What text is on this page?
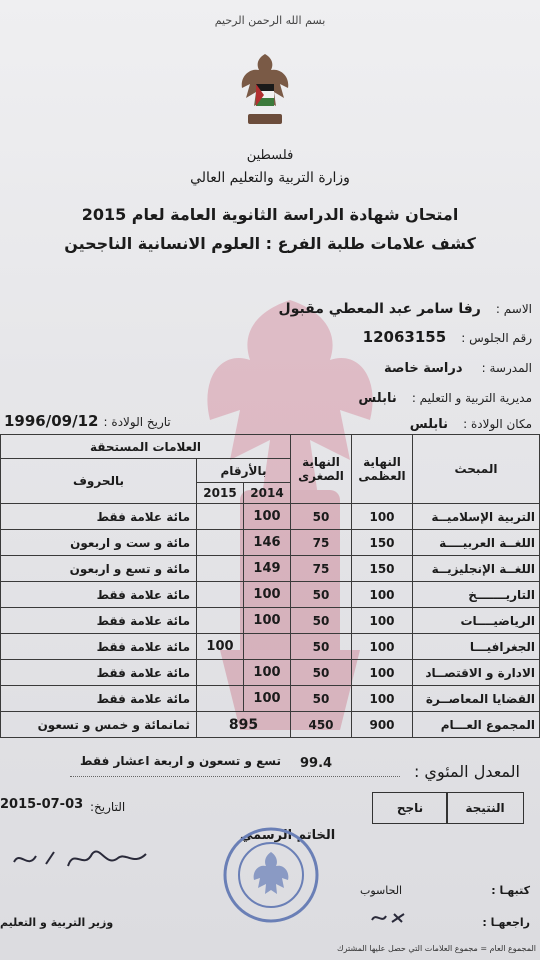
بسم الله الرحمن الرحيم
فلسطين
وزارة التربية والتعليم العالي
امتحان شهادة الدراسة الثانوية العامة لعام 2015
كشف علامات طلبة الفرع : العلوم الانسانية الناجحين
الاسم : رفا سامر عبد المعطي مقبول
رقم الجلوس : 12063155
المدرسة : دراسة خاصة
مديرية التربية و التعليم : نابلس
مكان الولادة : نابلس
تاريخ الولادة : 1996/09/12
المبحث	النهاية العظمى	النهاية الصغرى	العلامات المستحقة		
			بالأرقام		بالحروف
			2014	2015	
التربية الإسلاميــة	100	50	100		مائة علامة فقط
اللغــة العربيــــة	150	75	146		مائة و ست و اربعون
اللغــة الإنجليزيــة	150	75	149		مائة و تسع و اربعون
التاريـــــــخ	100	50	100		مائة علامة فقط
الرياضيــــات	100	50	100		مائة علامة فقط
الجغرافيـــا	100	50		100	مائة علامة فقط
الادارة و الاقتصــاد	100	50	100		مائة علامة فقط
القضايا المعاصــرة	100	50	100		مائة علامة فقط
المجموع العـــام	900	450	895		ثمانمائة و خمس و تسعون
المعدل المئوي :
99.4
تسع و تسعون و اربعة اعشار فقط
النتيجة
ناجح
التاريخ:
2015-07-03
الخاتم الرسمي
كتبهـا :
الحاسوب
راجعهـا :
وزير التربية و التعليم
المجموع العام = مجموع العلامات التي حصل عليها المشترك
